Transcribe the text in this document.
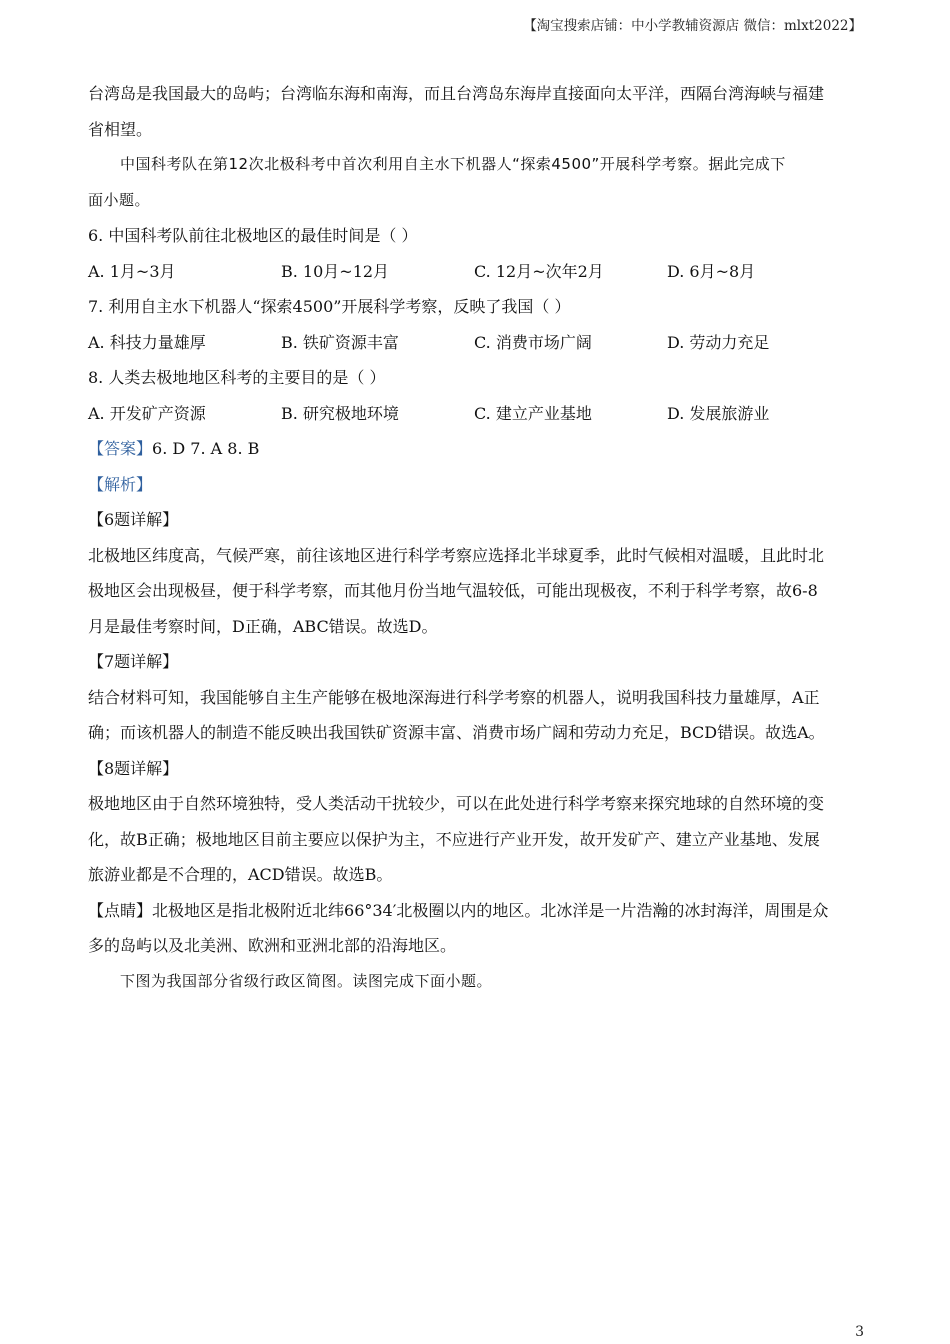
【淘宝搜索店铺：中小学教辅资源店 微信：mlxt2022】
台湾岛是我国最大的岛屿；台湾临东海和南海，而且台湾岛东海岸直接面向太平洋，西隔台湾海峡与福建
省相望。
中国科考队在第12次北极科考中首次利用自主水下机器人“探索4500”开展科学考察。据此完成下
面小题。
6. 中国科考队前往北极地区的最佳时间是（ ）
A. 1月~3月	B. 10月~12月	C. 12月~次年2月	D. 6月~8月
7. 利用自主水下机器人“探索4500”开展科学考察，反映了我国（ ）
A. 科技力量雄厚	B. 铁矿资源丰富	C. 消费市场广阔	D. 劳动力充足
8. 人类去极地地区科考的主要目的是（ ）
A. 开发矿产资源	B. 研究极地环境	C. 建立产业基地	D. 发展旅游业
【答案】6. D 7. A 8. B
【解析】
【6题详解】
北极地区纬度高，气候严寒，前往该地区进行科学考察应选择北半球夏季，此时气候相对温暖，且此时北
极地区会出现极昼，便于科学考察，而其他月份当地气温较低，可能出现极夜，不利于科学考察，故6-8
月是最佳考察时间，D正确，ABC错误。故选D。
【7题详解】
结合材料可知，我国能够自主生产能够在极地深海进行科学考察的机器人，说明我国科技力量雄厚，A正
确；而该机器人的制造不能反映出我国铁矿资源丰富、消费市场广阔和劳动力充足，BCD错误。故选A。
【8题详解】
极地地区由于自然环境独特，受人类活动干扰较少，可以在此处进行科学考察来探究地球的自然环境的变
化，故B正确；极地地区目前主要应以保护为主，不应进行产业开发，故开发矿产、建立产业基地、发展
旅游业都是不合理的，ACD错误。故选B。
【点睛】北极地区是指北极附近北纬66°34′北极圈以内的地区。北冰洋是一片浩瀚的冰封海洋，周围是众
多的岛屿以及北美洲、欧洲和亚洲北部的沿海地区。
下图为我国部分省级行政区简图。读图完成下面小题。
3
